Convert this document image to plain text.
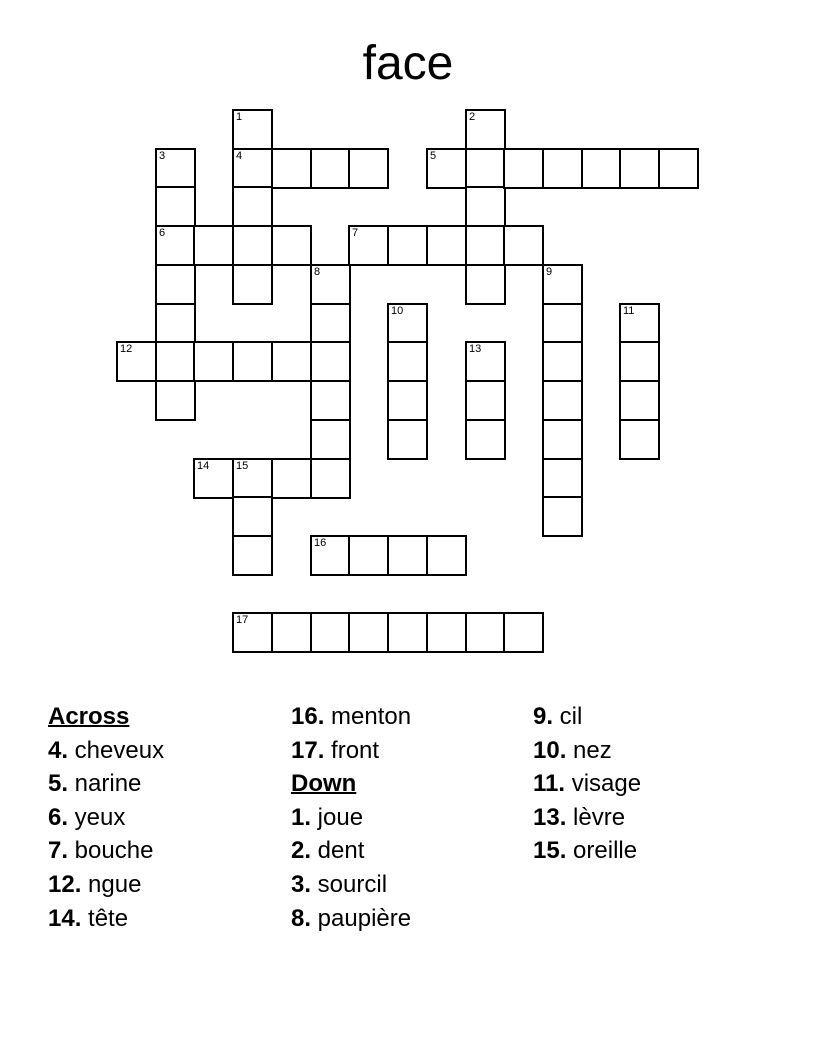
face
1
4
2
3
6
5
7
8	9
10	11
12	13
14 15
16
17
Across
4. cheveux
5. narine
6. yeux
7. bouche
12. ngue
14. tête
16. menton
17. front
Down
1. joue
2. dent
3. sourcil
8. paupière
9. cil
10. nez
11. visage
13. lèvre
15. oreille
